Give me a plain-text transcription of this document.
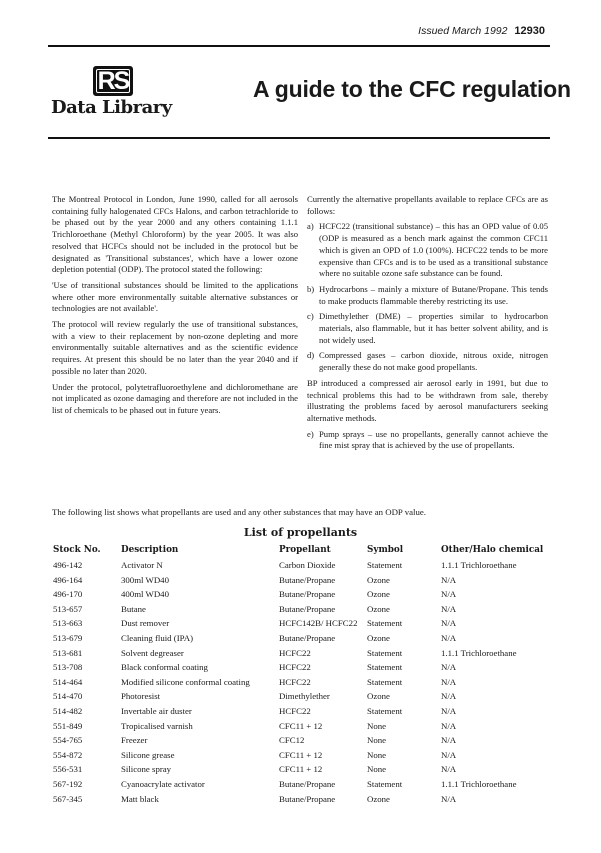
Issued March 1992 12930
RS
Data Library
A guide to the CFC regulation

The Montreal Protocol in London, June 1990, called for all aerosols containing fully halogenated CFCs Halons, and carbon tetrachloride to be phased out by the year 2000 and any others containing 1.1.1 Trichloroethane (Methyl Chloroform) by the year 2005. It was also resolved that HCFCs should not be included in the protocol but be designated as 'Transitional substances', which have a lower ozone depletion potential (ODP). The protocol stated the following:

'Use of transitional substances should be limited to the applications where other more environmentally suitable alternative substances or technologies are not available'.

The protocol will review regularly the use of transitional substances, with a view to their replacement by non-ozone depleting and more environmentally suitable alternatives and as the scientific evidence requires. At present this should be no later than the year 2040 and if possible no later than 2020.

Under the protocol, polytetrafluoroethylene and dichloromethane are not implicated as ozone damaging and therefore are not included in the list of chemicals to be phased out in future years.

Currently the alternative propellants available to replace CFCs are as follows:

a) HCFC22 (transitional substance) – this has an OPD value of 0.05 (ODP is measured as a bench mark against the common CFC11 which is given an OPD of 1.0 (100%). HCFC22 tends to be more expensive than CFCs and is to be used as a transitional substance where no suitable ozone safe substance can be found.
b) Hydrocarbons – mainly a mixture of Butane/Propane. This tends to make products flammable thereby restricting its use.
c) Dimethylether (DME) – properties similar to hydrocarbon materials, also flammable, but it has better solvent ability, and is not widely used.
d) Compressed gases – carbon dioxide, nitrous oxide, nitrogen generally these do not make good propellants.

BP introduced a compressed air aerosol early in 1991, but due to technical problems this had to be withdrawn from sale, thereby illustrating the problems faced by aerosol manufacturers seeking alternative methods.

e) Pump sprays – use no propellants, generally cannot achieve the fine mist spray that is achieved by the use of propellants.
The following list shows what propellants are used and any other substances that may have an ODP value.
List of propellants
Stock No.	Description	Propellant	Symbol	Other/Halo chemical
496-142	Activator N	Carbon Dioxide	Statement	1.1.1 Trichloroethane
496-164	300ml WD40	Butane/Propane	Ozone	N/A
496-170	400ml WD40	Butane/Propane	Ozone	N/A
513-657	Butane	Butane/Propane	Ozone	N/A
513-663	Dust remover	HCFC142B/ HCFC22	Statement	N/A
513-679	Cleaning fluid (IPA)	Butane/Propane	Ozone	N/A
513-681	Solvent degreaser	HCFC22	Statement	1.1.1 Trichloroethane
513-708	Black conformal coating	HCFC22	Statement	N/A
514-464	Modified silicone conformal coating	HCFC22	Statement	N/A
514-470	Photoresist	Dimethylether	Ozone	N/A
514-482	Invertable air duster	HCFC22	Statement	N/A
551-849	Tropicalised varnish	CFC11 + 12	None	N/A
554-765	Freezer	CFC12	None	N/A
554-872	Silicone grease	CFC11 + 12	None	N/A
556-531	Silicone spray	CFC11 + 12	None	N/A
567-192	Cyanoacrylate activator	Butane/Propane	Statement	1.1.1 Trichloroethane
567-345	Matt black	Butane/Propane	Ozone	N/A
